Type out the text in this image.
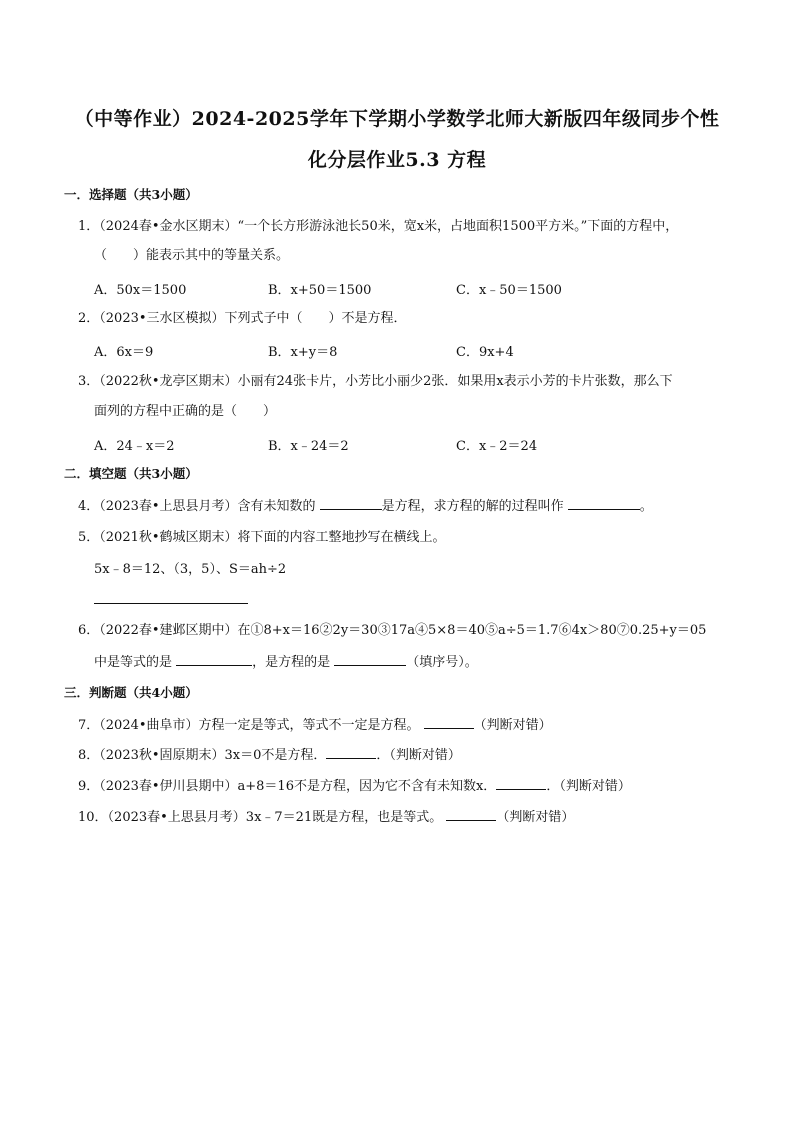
（中等作业）2024-2025学年下学期小学数学北师大新版四年级同步个性
化分层作业5.3 方程
一．选择题（共3小题）
1．（2024春•金水区期末）“一个长方形游泳池长50米，宽x米，占地面积1500平方米。”下面的方程中，
（　　）能表示其中的等量关系。
A．50x＝1500	B．x+50＝1500	C．x﹣50＝1500
2．（2023•三水区模拟）下列式子中（　　）不是方程．
A．6x＝9	B．x+y＝8	C．9x+4
3．（2022秋•龙亭区期末）小丽有24张卡片，小芳比小丽少2张．如果用x表示小芳的卡片张数，那么下
面列的方程中正确的是（　　）
A．24﹣x＝2	B．x﹣24＝2	C．x﹣2＝24
二．填空题（共3小题）
4．（2023春•上思县月考）含有未知数的	是方程，求方程的解的过程叫作	。
5．（2021秋•鹤城区期末）将下面的内容工整地抄写在横线上。
5x﹣8＝12、（3，5）、S＝ah÷2
6．（2022春•建邺区期中）在①8+x＝16②2y＝30③17a④5×8＝40⑤a÷5＝1.7⑥4x＞80⑦0.25+y＝05
中是等式的是	，是方程的是	（填序号）。
三．判断题（共4小题）
7．（2024•曲阜市）方程一定是等式，等式不一定是方程。	（判断对错）
8．（2023秋•固原期末）3x＝0不是方程．	．（判断对错）
9．（2023春•伊川县期中）a+8＝16不是方程，因为它不含有未知数x．	．（判断对错）
10．（2023春•上思县月考）3x﹣7＝21既是方程，也是等式。	（判断对错）
